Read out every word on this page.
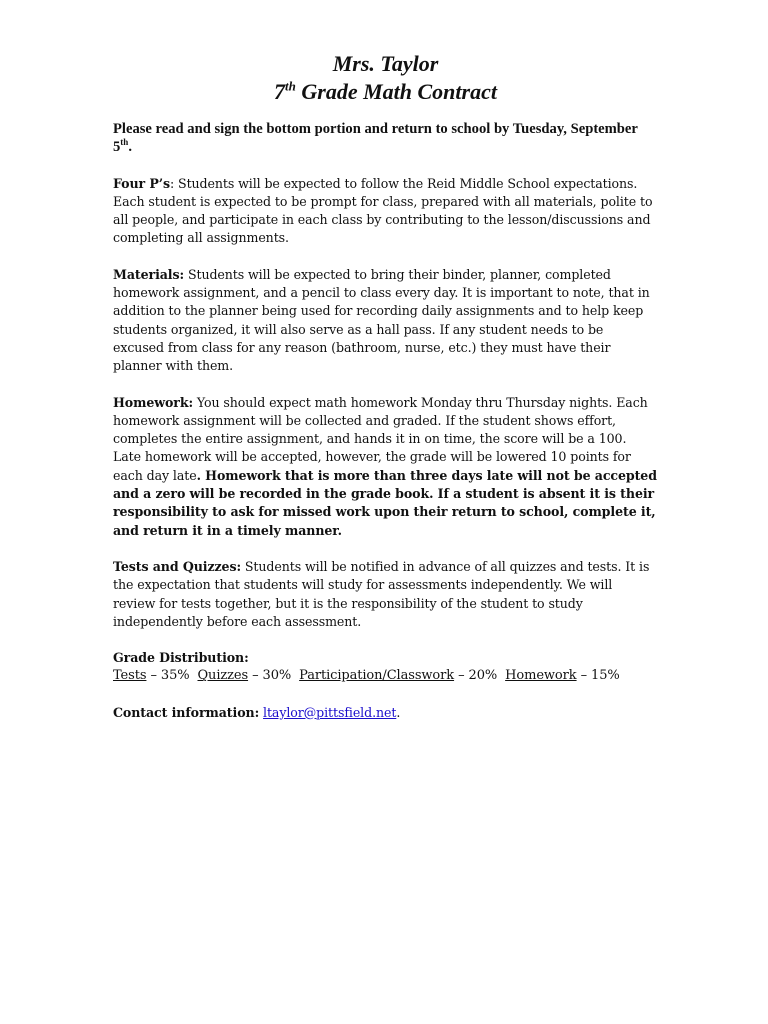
Mrs. Taylor
7th Grade Math Contract
Please read and sign the bottom portion and return to school by Tuesday, September 5th.
Four P’s: Students will be expected to follow the Reid Middle School expectations. Each student is expected to be prompt for class, prepared with all materials, polite to all people, and participate in each class by contributing to the lesson/discussions and completing all assignments.
Materials: Students will be expected to bring their binder, planner, completed homework assignment, and a pencil to class every day. It is important to note, that in addition to the planner being used for recording daily assignments and to help keep students organized, it will also serve as a hall pass. If any student needs to be excused from class for any reason (bathroom, nurse, etc.) they must have their planner with them.
Homework: You should expect math homework Monday thru Thursday nights. Each homework assignment will be collected and graded. If the student shows effort, completes the entire assignment, and hands it in on time, the score will be a 100. Late homework will be accepted, however, the grade will be lowered 10 points for each day late. Homework that is more than three days late will not be accepted and a zero will be recorded in the grade book. If a student is absent it is their responsibility to ask for missed work upon their return to school, complete it, and return it in a timely manner.
Tests and Quizzes: Students will be notified in advance of all quizzes and tests. It is the expectation that students will study for assessments independently. We will review for tests together, but it is the responsibility of the student to study independently before each assessment.
Grade Distribution:
Tests – 35% Quizzes – 30% Participation/Classwork – 20% Homework – 15%
Contact information: ltaylor@pittsfield.net.
